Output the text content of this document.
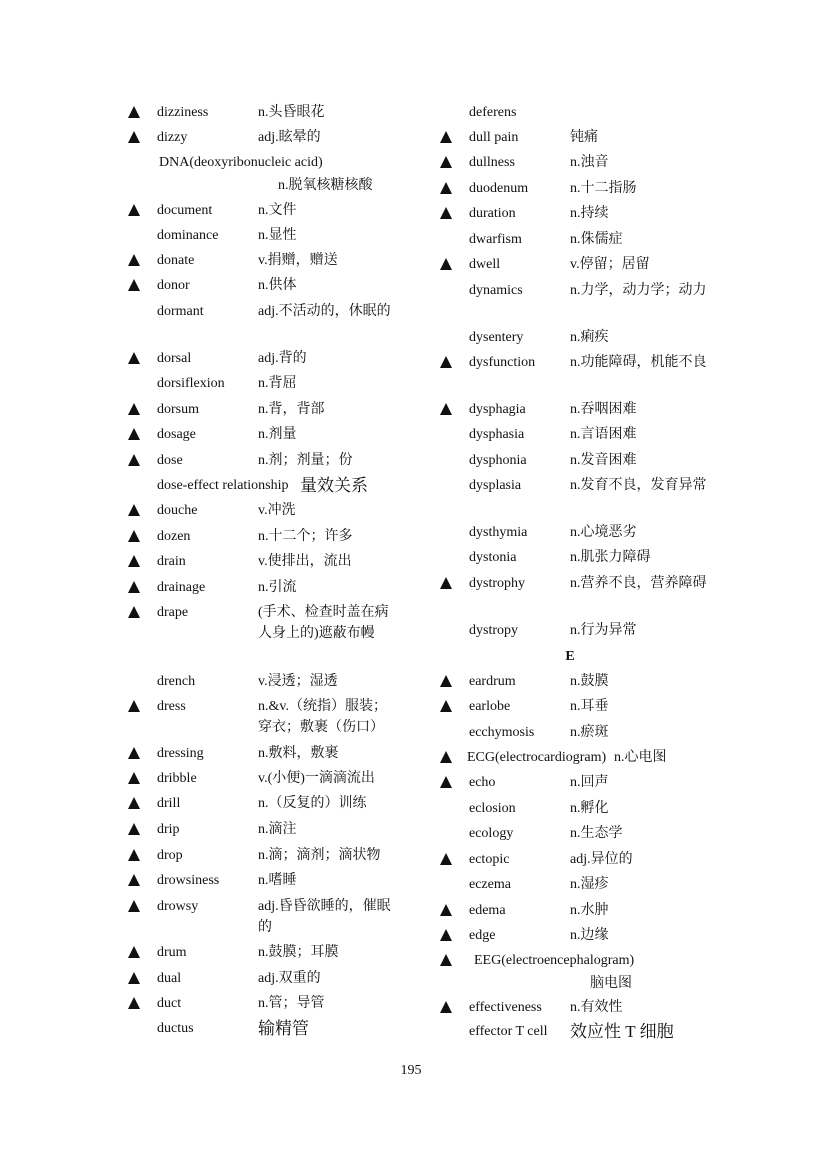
dizziness	n.头昏眼花
dizzy	adj.眩晕的
DNA(deoxyribonucleic acid)
n.脱氧核糖核酸
document	n.文件
dominance	n.显性
donate	v.捐赠，赠送
donor	n.供体
dormant	adj.不活动的，休眠的
dorsal	adj.背的
dorsiflexion n.背屈
dorsum	n.背，背部
dosage	n.剂量
dose	n.剂；剂量；份
dose-effect relationship 量效关系
douche	v.冲洗
dozen	n.十二个；许多
drain	v.使排出，流出
drainage	n.引流
drape	(手术、检查时盖在病人身上的)遮蔽布幔
drench	v.浸透；湿透
dress	n.&v.（统指）服装；穿衣；敷裹（伤口）
dressing	n.敷料，敷裹
dribble	v.(小便)一滴滴流出
drill	n.（反复的）训练
drip	n.滴注
drop	n.滴；滴剂；滴状物
drowsiness	n.嗜睡
drowsy	adj.昏昏欲睡的，催眠的
drum	n.鼓膜；耳膜
dual	adj.双重的
duct	n.管；导管
ductus	输精管
deferens
dull pain	钝痛
dullness	n.浊音
duodenum	n.十二指肠
duration	n.持续
dwarfism	n.侏儒症
dwell	v.停留；居留
dynamics	n.力学，动力学；动力
dysentery	n.痢疾
dysfunction n.功能障碍，机能不良
dysphagia	n.吞咽困难
dysphasia	n.言语困难
dysphonia	n.发音困难
dysplasia	n.发育不良，发育异常
dysthymia	n.心境恶劣
dystonia	n.肌张力障碍
dystrophy	n.营养不良，营养障碍
dystropy	n.行为异常
E
eardrum	n.鼓膜
earlobe	n.耳垂
ecchymosis	n.瘀斑
ECG(electrocardiogram) n.心电图
echo	n.回声
eclosion	n.孵化
ecology	n.生态学
ectopic	adj.异位的
eczema	n.湿疹
edema	n.水肿
edge	n.边缘
EEG(electroencephalogram)
脑电图
effectiveness n.有效性
effector T cell 效应性 T 细胞
195
